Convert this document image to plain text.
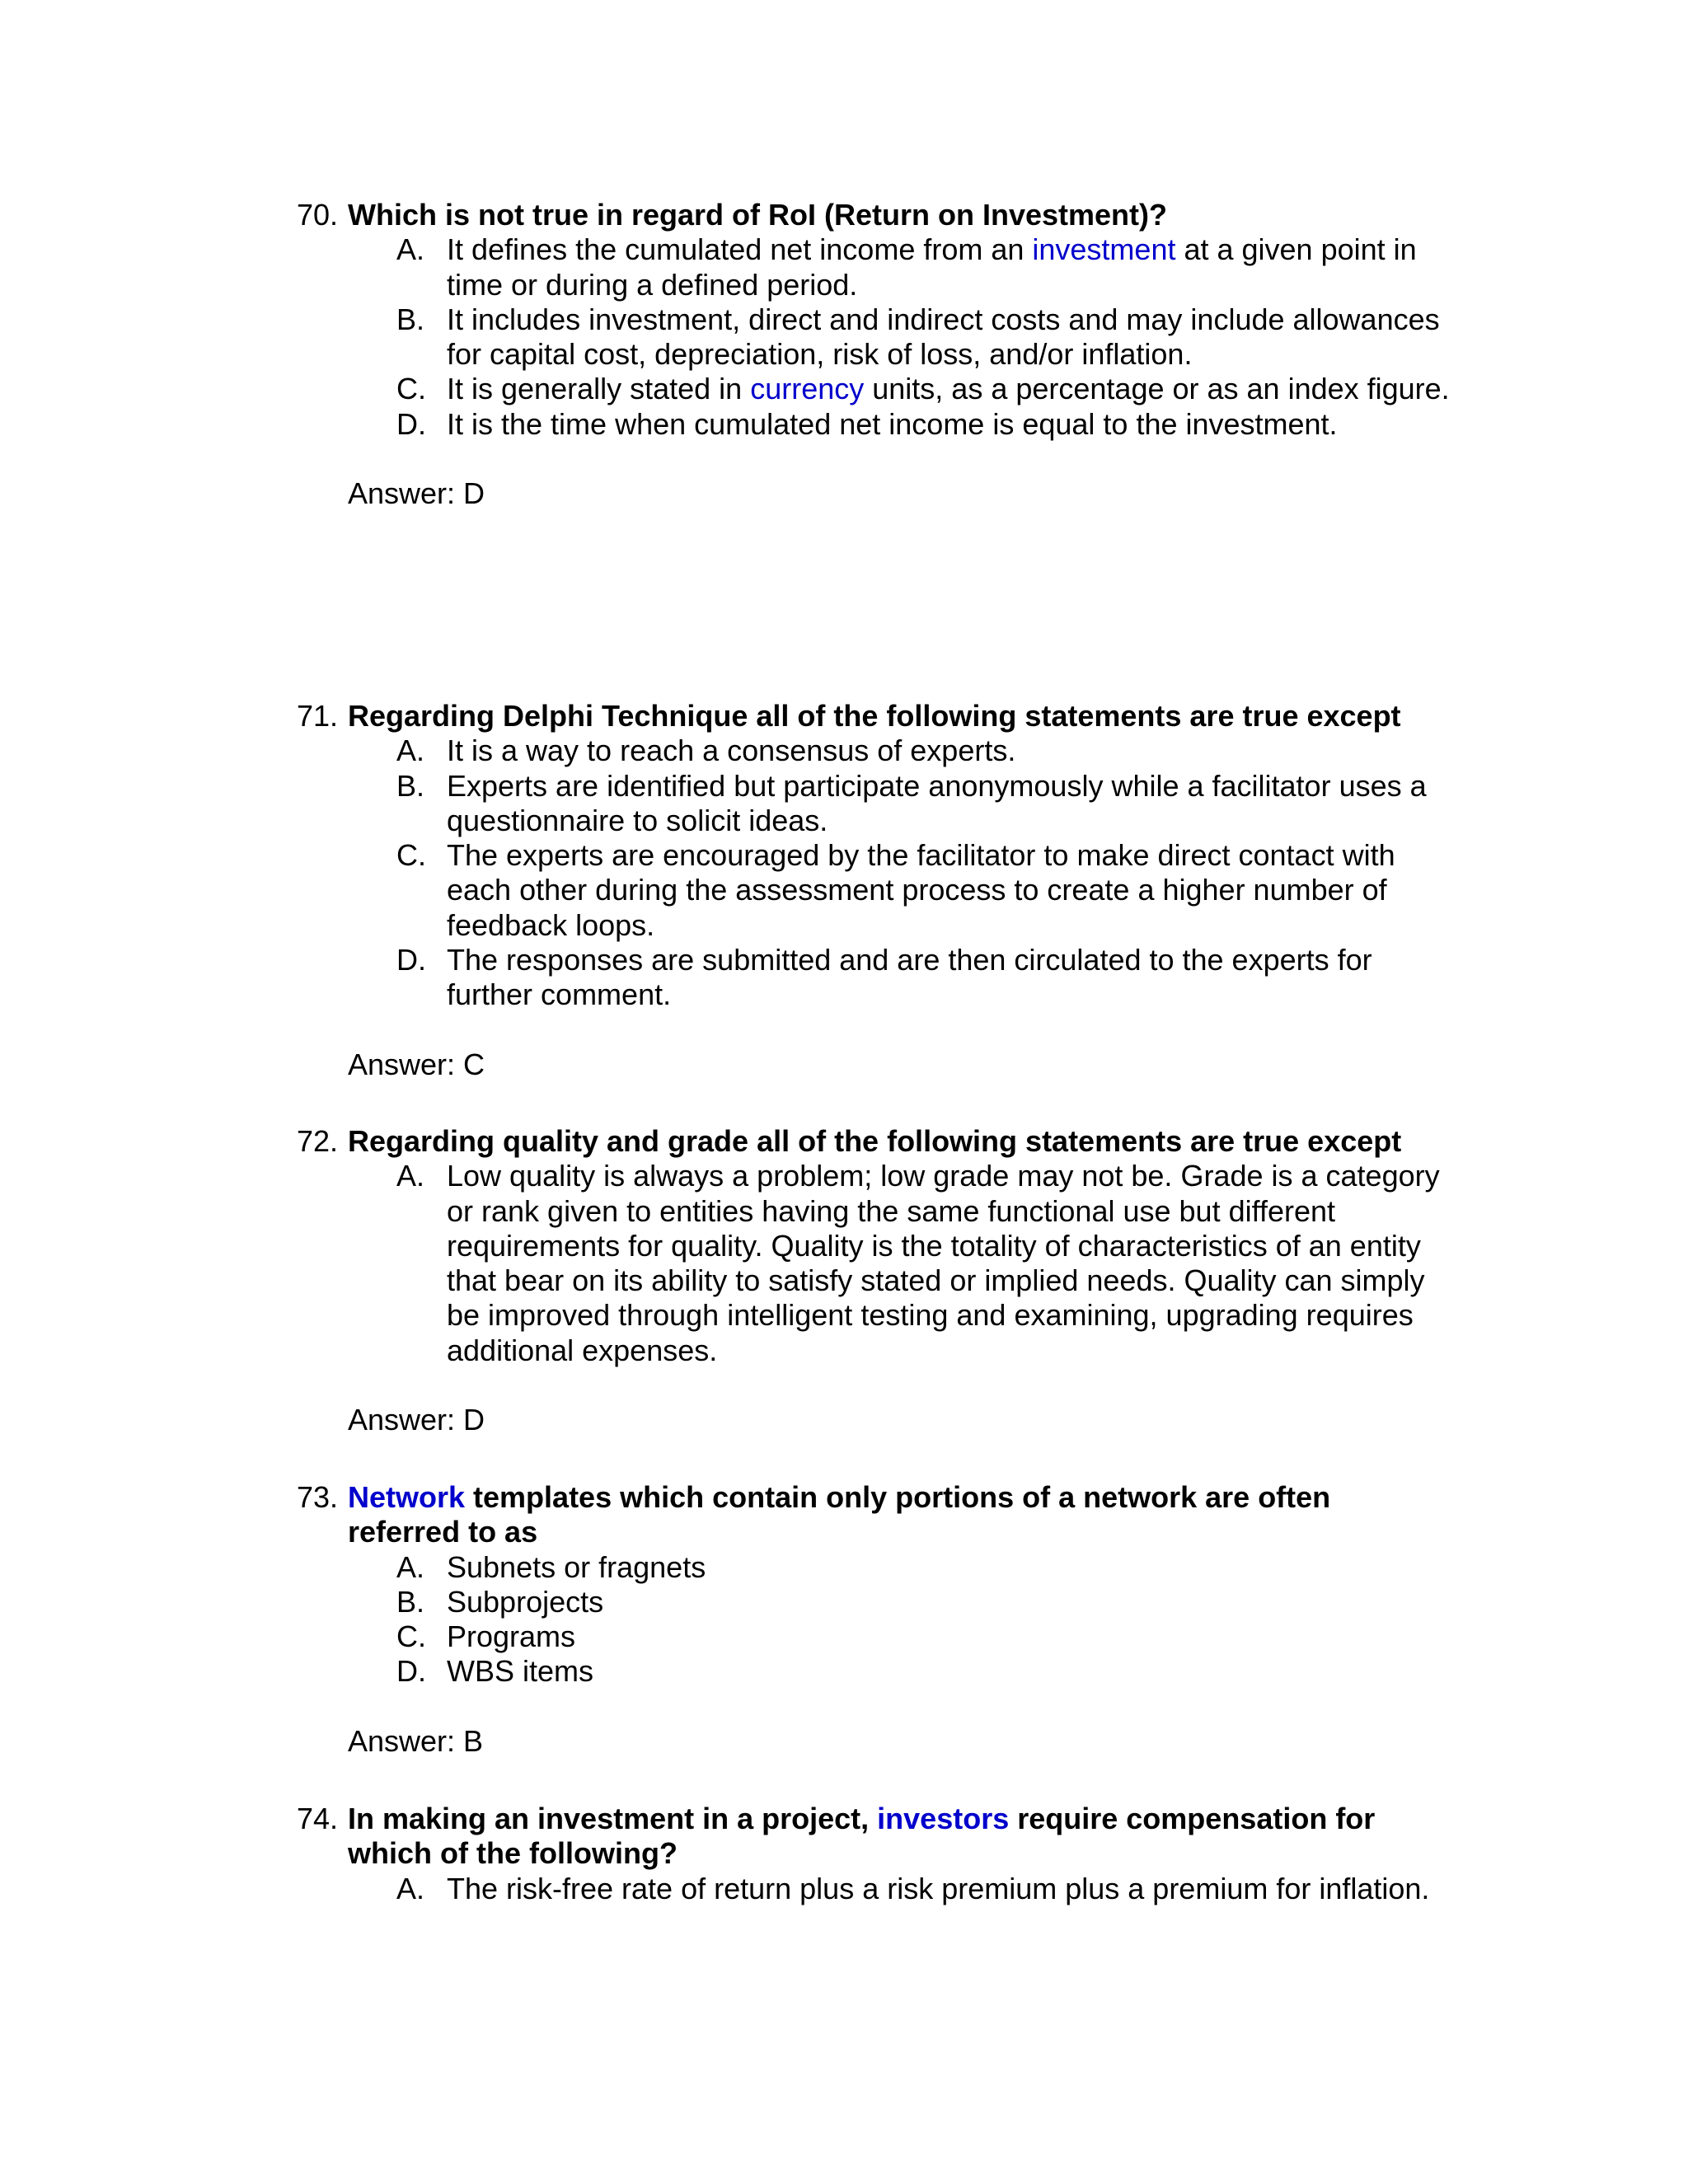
70. Which is not true in regard of RoI (Return on Investment)?
A. It defines the cumulated net income from an investment at a given point in time or during a defined period.
B. It includes investment, direct and indirect costs and may include allowances for capital cost, depreciation, risk of loss, and/or inflation.
C. It is generally stated in currency units, as a percentage or as an index figure.
D. It is the time when cumulated net income is equal to the investment.
Answer: D
71. Regarding Delphi Technique all of the following statements are true except
A. It is a way to reach a consensus of experts.
B. Experts are identified but participate anonymously while a facilitator uses a questionnaire to solicit ideas.
C. The experts are encouraged by the facilitator to make direct contact with each other during the assessment process to create a higher number of feedback loops.
D. The responses are submitted and are then circulated to the experts for further comment.
Answer: C
72. Regarding quality and grade all of the following statements are true except
A. Low quality is always a problem; low grade may not be. Grade is a category or rank given to entities having the same functional use but different requirements for quality. Quality is the totality of characteristics of an entity that bear on its ability to satisfy stated or implied needs. Quality can simply be improved through intelligent testing and examining, upgrading requires additional expenses.
Answer: D
73. Network templates which contain only portions of a network are often referred to as
A. Subnets or fragnets
B. Subprojects
C. Programs
D. WBS items
Answer: B
74. In making an investment in a project, investors require compensation for which of the following?
A. The risk-free rate of return plus a risk premium plus a premium for inflation.
